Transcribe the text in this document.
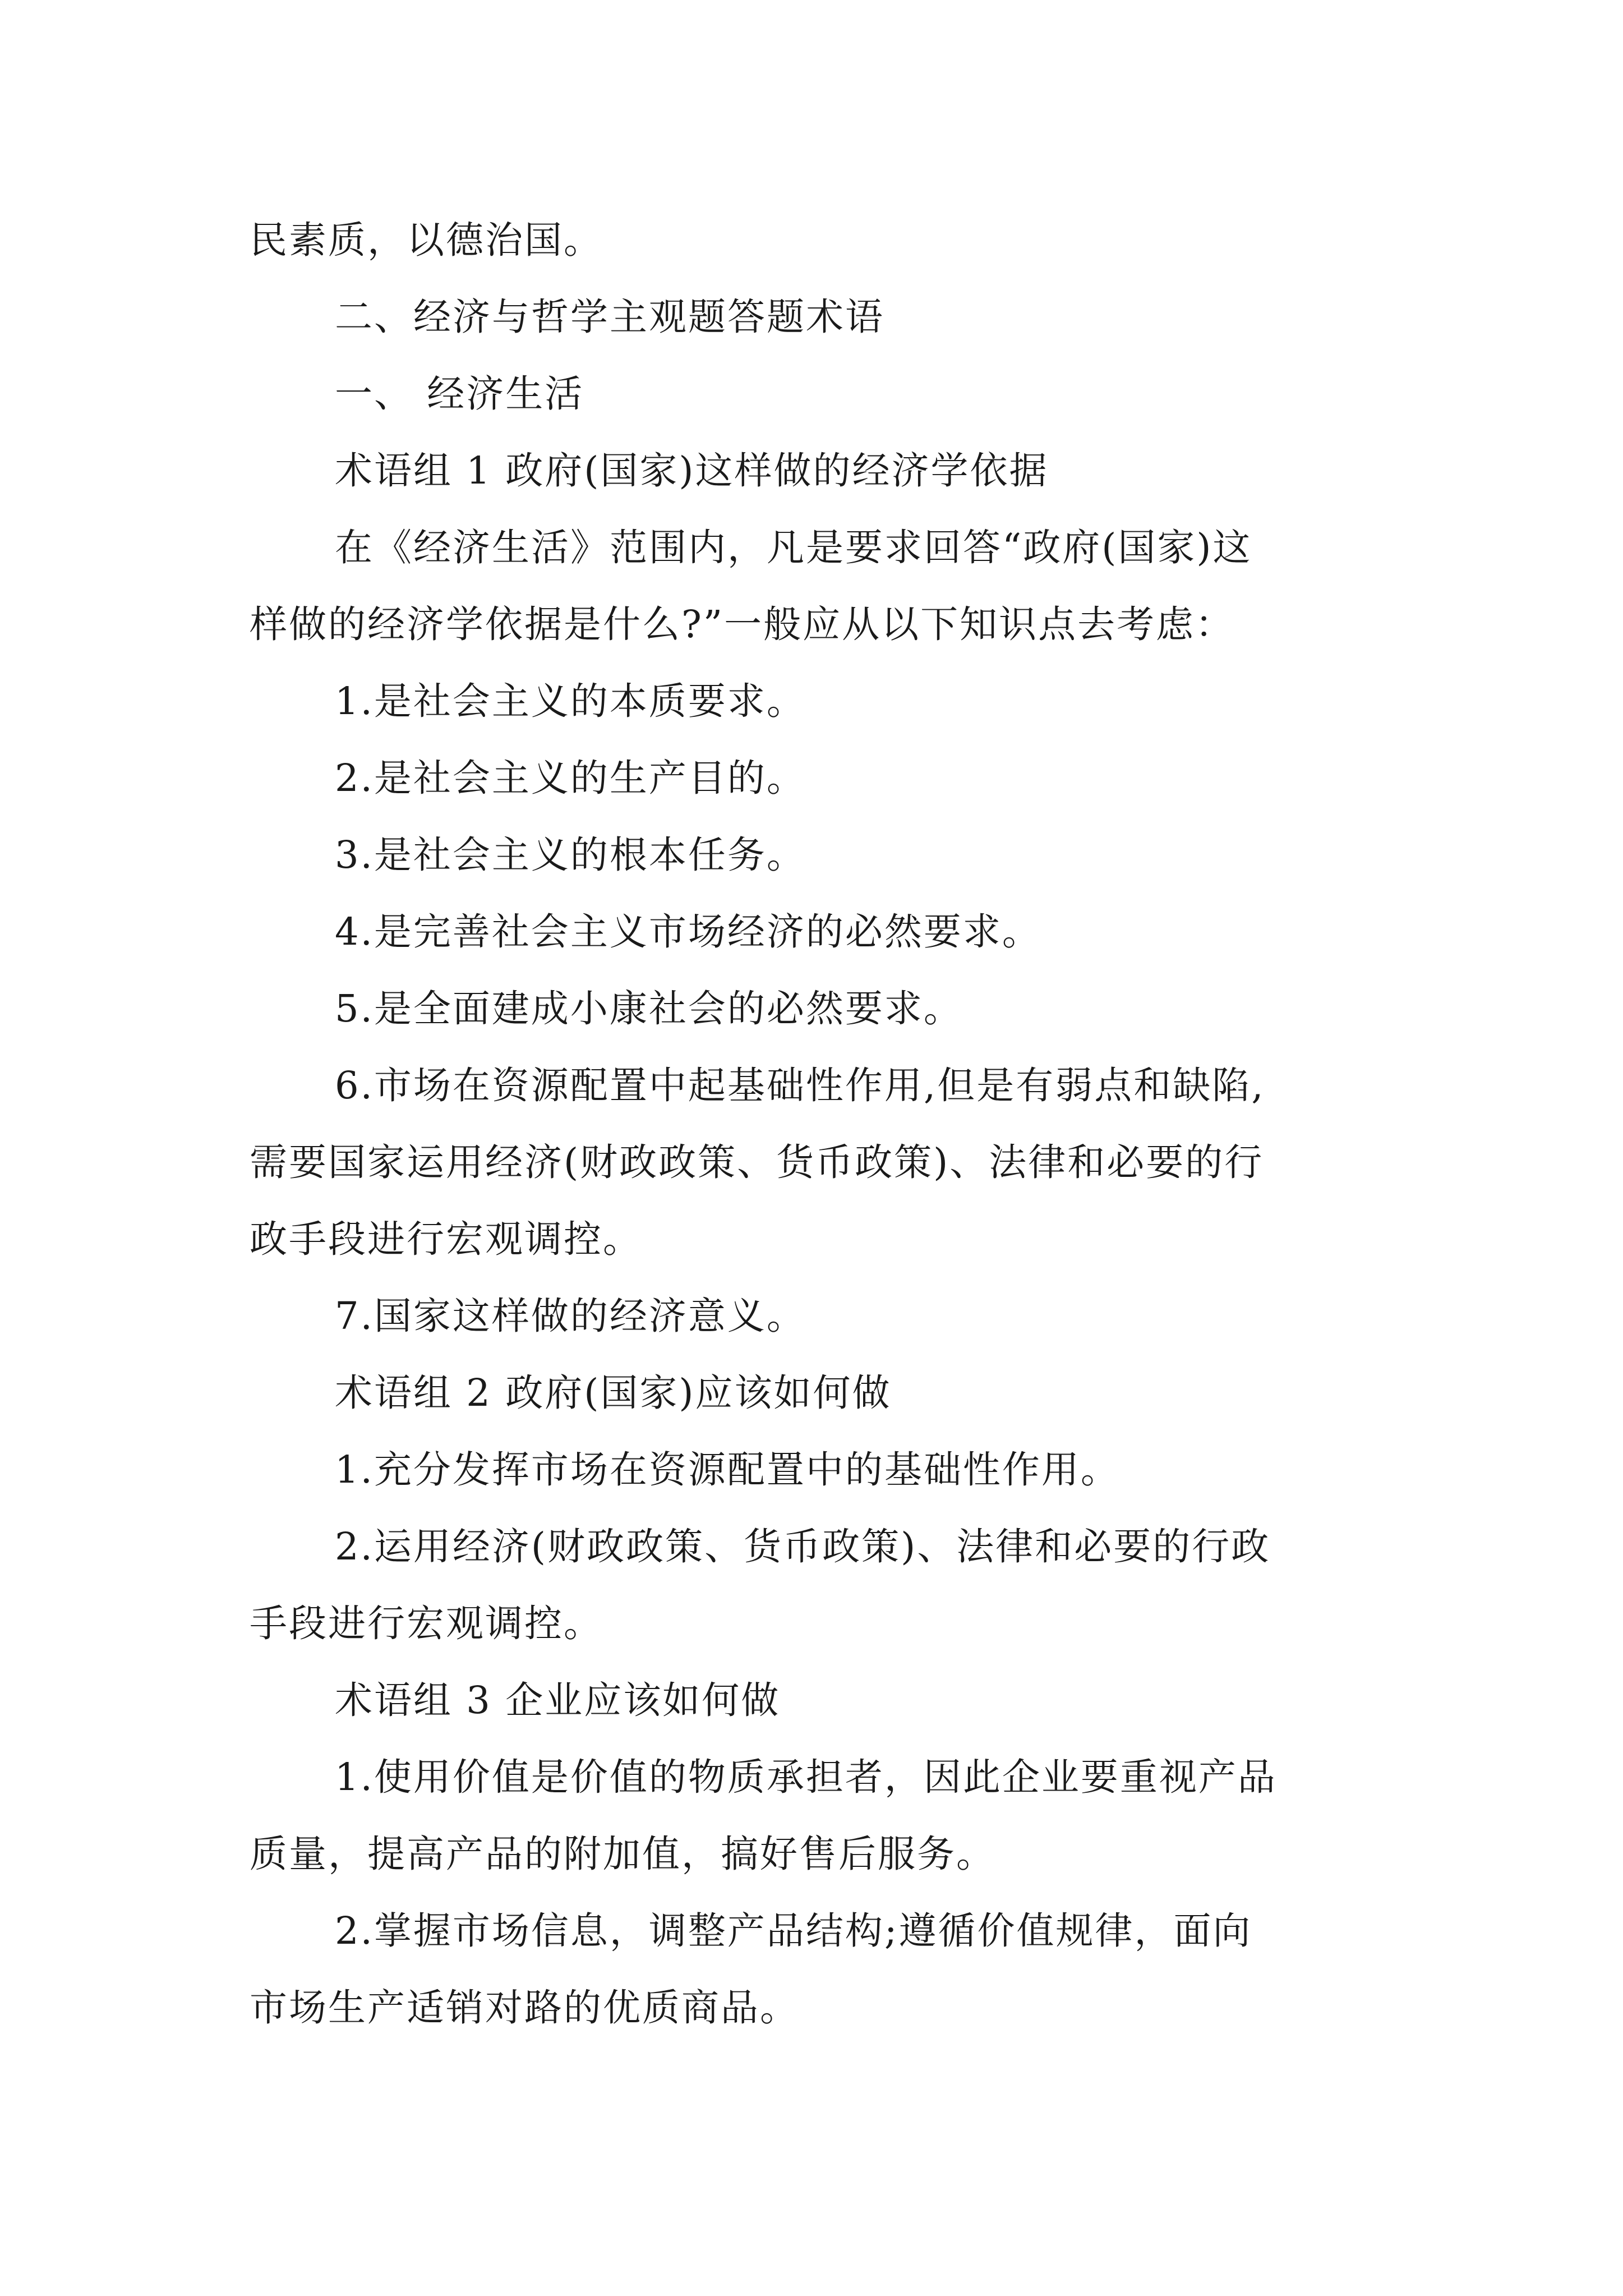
民素质，以德治国。

二、经济与哲学主观题答题术语

一、 经济生活

术语组 1 政府(国家)这样做的经济学依据

在《经济生活》范围内，凡是要求回答“政府(国家)这

样做的经济学依据是什么?”一般应从以下知识点去考虑：

1.是社会主义的本质要求。

2.是社会主义的生产目的。

3.是社会主义的根本任务。

4.是完善社会主义市场经济的必然要求。

5.是全面建成小康社会的必然要求。

6.市场在资源配置中起基础性作用,但是有弱点和缺陷,

需要国家运用经济(财政政策、货币政策)、法律和必要的行

政手段进行宏观调控。

7.国家这样做的经济意义。

术语组 2 政府(国家)应该如何做

1.充分发挥市场在资源配置中的基础性作用。

2.运用经济(财政政策、货币政策)、法律和必要的行政

手段进行宏观调控。

术语组 3 企业应该如何做

1.使用价值是价值的物质承担者，因此企业要重视产品

质量，提高产品的附加值，搞好售后服务。

2.掌握市场信息，调整产品结构;遵循价值规律，面向

市场生产适销对路的优质商品。
